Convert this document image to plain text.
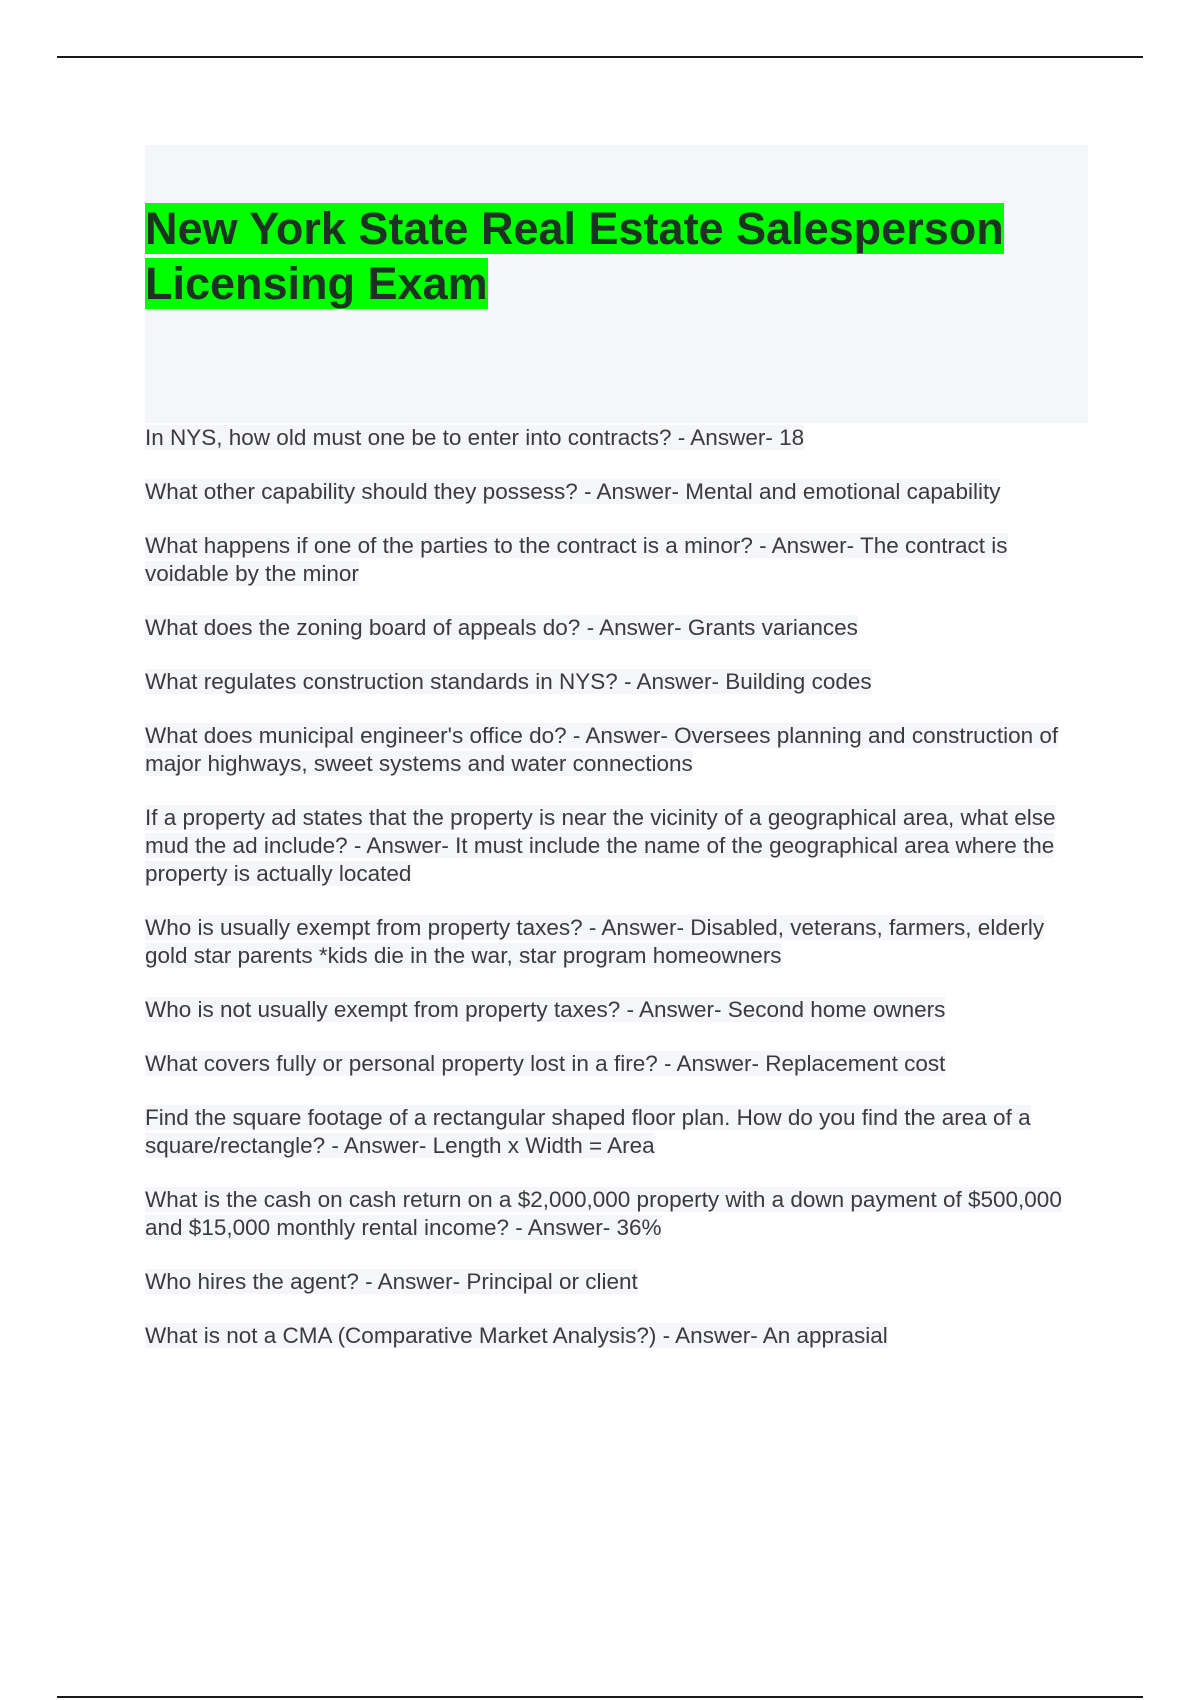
New York State Real Estate Salesperson Licensing Exam
In NYS, how old must one be to enter into contracts? - Answer- 18
What other capability should they possess? - Answer- Mental and emotional capability
What happens if one of the parties to the contract is a minor? - Answer- The contract is voidable by the minor
What does the zoning board of appeals do? - Answer- Grants variances
What regulates construction standards in NYS? - Answer- Building codes
What does municipal engineer's office do? - Answer- Oversees planning and construction of major highways, sweet systems and water connections
If a property ad states that the property is near the vicinity of a geographical area, what else mud the ad include? - Answer- It must include the name of the geographical area where the property is actually located
Who is usually exempt from property taxes? - Answer- Disabled, veterans, farmers, elderly gold star parents *kids die in the war, star program homeowners
Who is not usually exempt from property taxes? - Answer- Second home owners
What covers fully or personal property lost in a fire? - Answer- Replacement cost
Find the square footage of a rectangular shaped floor plan. How do you find the area of a square/rectangle? - Answer- Length x Width = Area
What is the cash on cash return on a $2,000,000 property with a down payment of $500,000 and $15,000 monthly rental income? - Answer- 36%
Who hires the agent? - Answer- Principal or client
What is not a CMA (Comparative Market Analysis?) - Answer- An apprasial
